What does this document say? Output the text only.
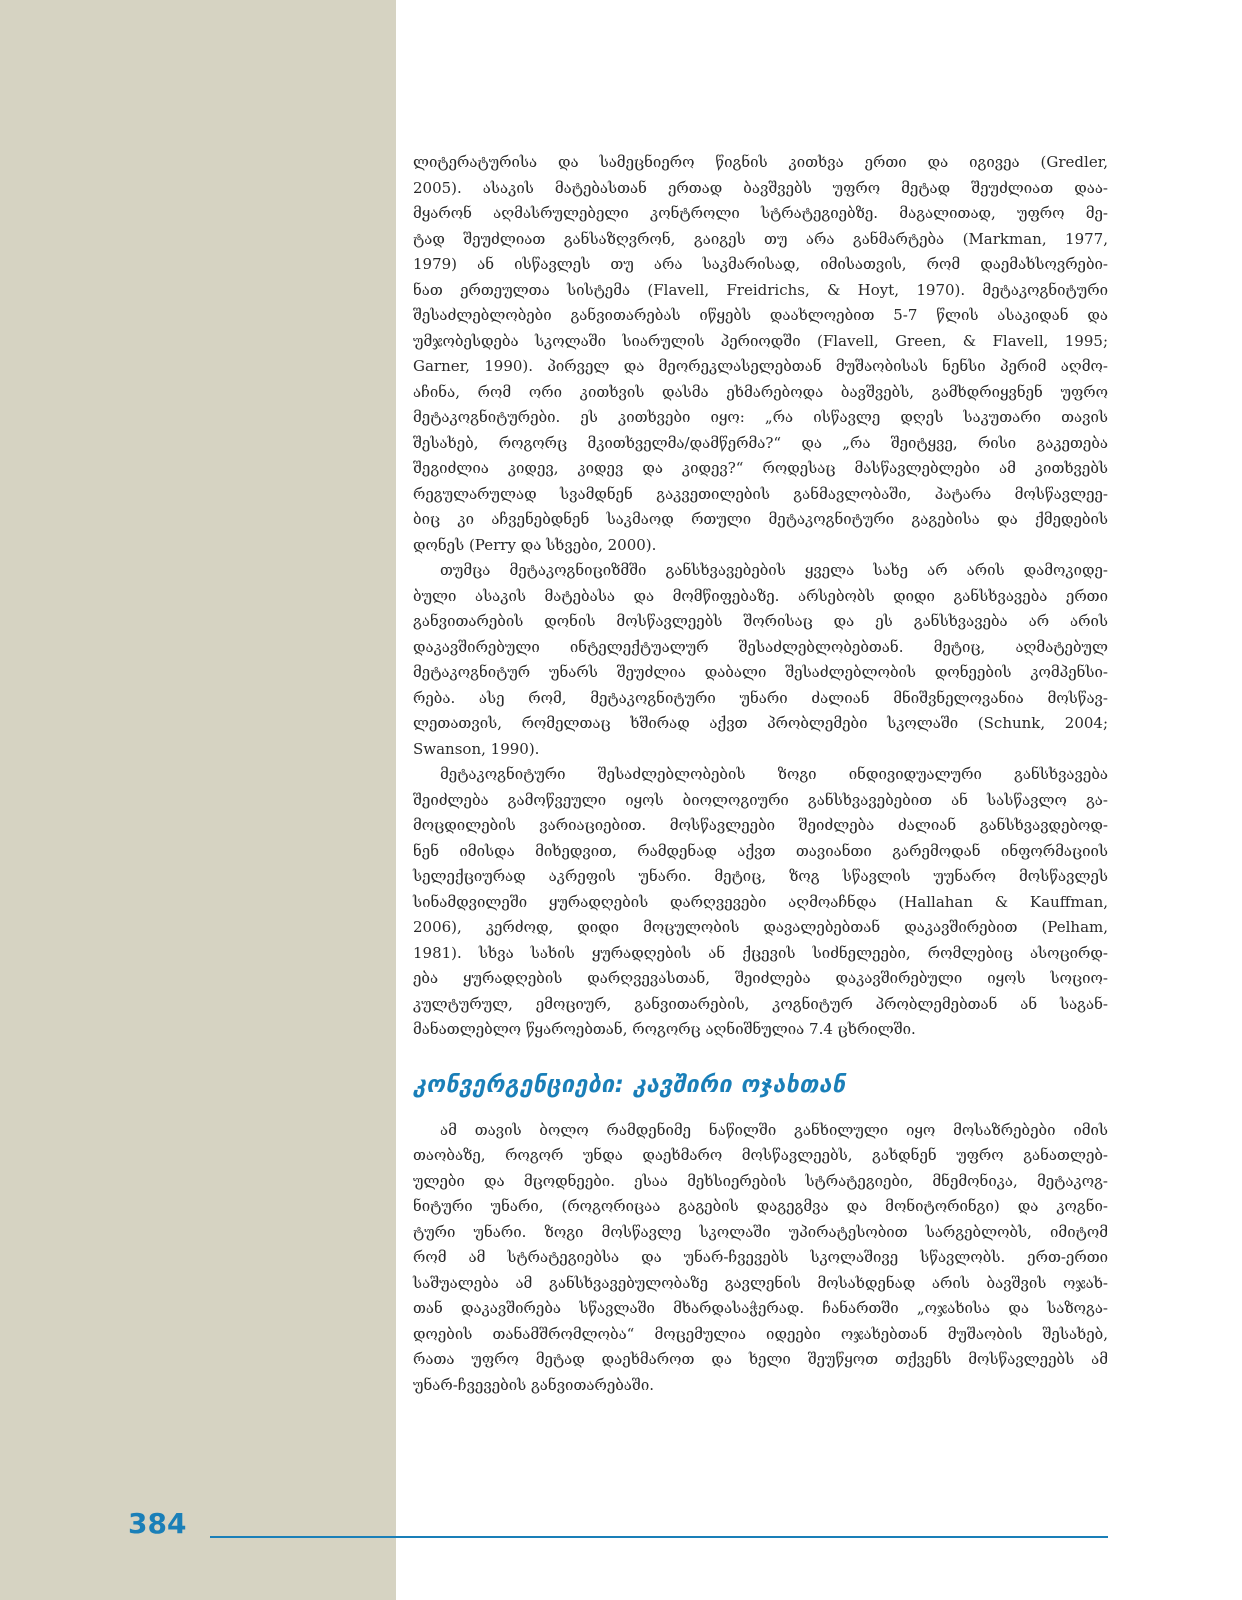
ლიტერატურისა და სამეცნიერო წიგნის კითხვა ერთი და იგივეა (Gredler,
2005). ასაკის მატებასთან ერთად ბავშვებს უფრო მეტად შეუძლიათ დაა-
მყარონ აღმასრულებელი კონტროლი სტრატეგიებზე. მაგალითად, უფრო მე-
ტად შეუძლიათ განსაზღვრონ, გაიგეს თუ არა განმარტება (Markman, 1977,
1979) ან ისწავლეს თუ არა საკმარისად, იმისათვის, რომ დაემახსოვრები-
ნათ ერთეულთა სისტემა (Flavell, Freidrichs, & Hoyt, 1970). მეტაკოგნიტური
შესაძლებლობები განვითარებას იწყებს დაახლოებით 5-7 წლის ასაკიდან და
უმჯობესდება სკოლაში სიარულის პერიოდში (Flavell, Green, & Flavell, 1995;
Garner, 1990). პირველ და მეორეკლასელებთან მუშაობისას ნენსი პერიმ აღმო-
აჩინა, რომ ორი კითხვის დასმა ეხმარებოდა ბავშვებს, გამხდრიყვნენ უფრო
მეტაკოგნიტურები. ეს კითხვები იყო: „რა ისწავლე დღეს საკუთარი თავის
შესახებ, როგორც მკითხველმა/დამწერმა?“ და „რა შეიტყვე, რისი გაკეთება
შეგიძლია კიდევ, კიდევ და კიდევ?“ როდესაც მასწავლებლები ამ კითხვებს
რეგულარულად სვამდნენ გაკვეთილების განმავლობაში, პატარა მოსწავლეე-
ბიც კი აჩვენებდნენ საკმაოდ რთული მეტაკოგნიტური გაგებისა და ქმედების
დონეს (Perry და სხვები, 2000).
თუმცა მეტაკოგნიციზმში განსხვავებების ყველა სახე არ არის დამოკიდე-
ბული ასაკის მატებასა და მომწიფებაზე. არსებობს დიდი განსხვავება ერთი
განვითარების დონის მოსწავლეებს შორისაც და ეს განსხვავება არ არის
დაკავშირებული ინტელექტუალურ შესაძლებლობებთან. მეტიც, აღმატებულ
მეტაკოგნიტურ უნარს შეუძლია დაბალი შესაძლებლობის დონეების კომპენსი-
რება. ასე რომ, მეტაკოგნიტური უნარი ძალიან მნიშვნელოვანია მოსწავ-
ლეთათვის, რომელთაც ხშირად აქვთ პრობლემები სკოლაში (Schunk, 2004;
Swanson, 1990).
მეტაკოგნიტური შესაძლებლობების ზოგი ინდივიდუალური განსხვავება
შეიძლება გამოწვეული იყოს ბიოლოგიური განსხვავებებით ან სასწავლო გა-
მოცდილების ვარიაციებით. მოსწავლეები შეიძლება ძალიან განსხვავდებოდ-
ნენ იმისდა მიხედვით, რამდენად აქვთ თავიანთი გარემოდან ინფორმაციის
სელექციურად აკრეფის უნარი. მეტიც, ზოგ სწავლის უუნარო მოსწავლეს
სინამდვილეში ყურადღების დარღვევები აღმოაჩნდა (Hallahan & Kauffman,
2006), კერძოდ, დიდი მოცულობის დავალებებთან დაკავშირებით (Pelham,
1981). სხვა სახის ყურადღების ან ქცევის სიძნელეები, რომლებიც ასოცირდ-
ება ყურადღების დარღვევასთან, შეიძლება დაკავშირებული იყოს სოციო-
კულტურულ, ემოციურ, განვითარების, კოგნიტურ პრობლემებთან ან საგან-
მანათლებლო წყაროებთან, როგორც აღნიშნულია 7.4 ცხრილში.
კონვერგენციები: კავშირი ოჯახთან
ამ თავის ბოლო რამდენიმე ნაწილში განხილული იყო მოსაზრებები იმის
თაობაზე, როგორ უნდა დაეხმარო მოსწავლეებს, გახდნენ უფრო განათლებ-
ულები და მცოდნეები. ესაა მეხსიერების სტრატეგიები, მნემონიკა, მეტაკოგ-
ნიტური უნარი, (როგორიცაა გაგების დაგეგმვა და მონიტორინგი) და კოგნი-
ტური უნარი. ზოგი მოსწავლე სკოლაში უპირატესობით სარგებლობს, იმიტომ
რომ ამ სტრატეგიებსა და უნარ-ჩვევებს სკოლაშივე სწავლობს. ერთ-ერთი
საშუალება ამ განსხვავებულობაზე გავლენის მოსახდენად არის ბავშვის ოჯახ-
თან დაკავშირება სწავლაში მხარდასაჭერად. ჩანართში „ოჯახისა და საზოგა-
დოების თანამშრომლობა“ მოცემულია იდეები ოჯახებთან მუშაობის შესახებ,
რათა უფრო მეტად დაეხმაროთ და ხელი შეუწყოთ თქვენს მოსწავლეებს ამ
უნარ-ჩვევების განვითარებაში.
384
